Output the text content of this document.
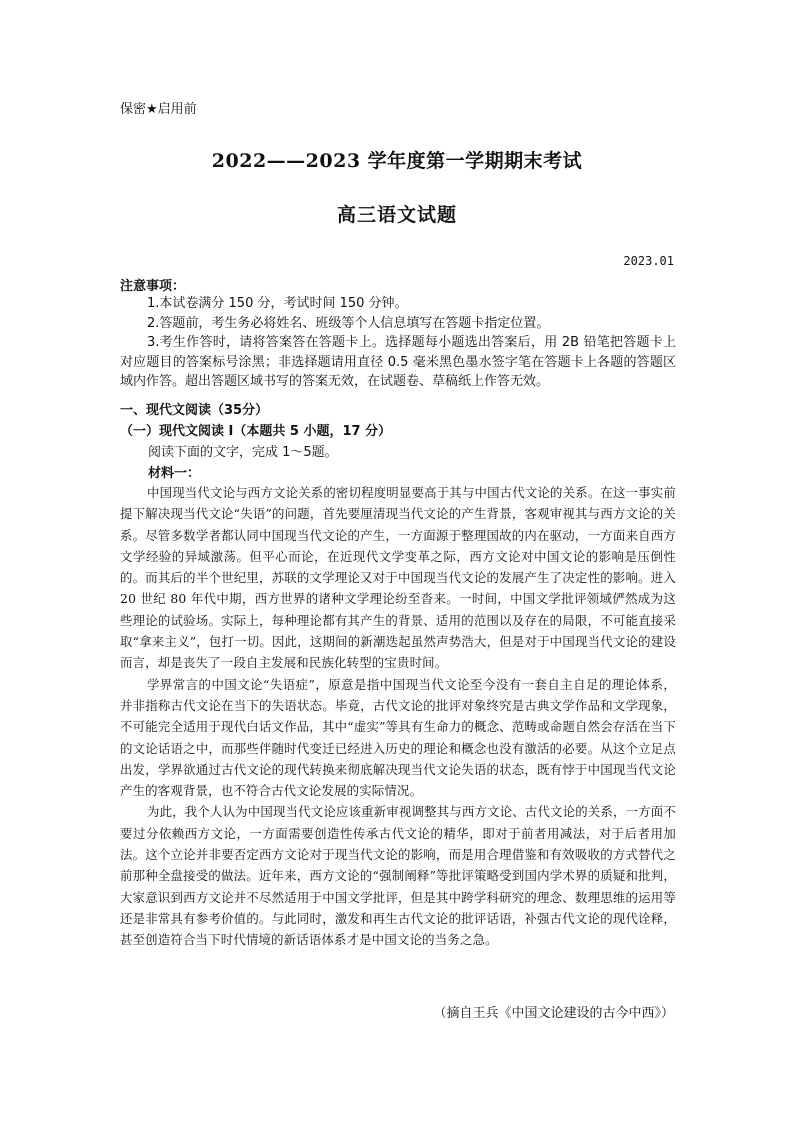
保密★启用前
2022——2023 学年度第一学期期末考试
高三语文试题
2023.01
注意事项：

1.本试卷满分 150 分，考试时间 150 分钟。

2.答题前，考生务必将姓名、班级等个人信息填写在答题卡指定位置。

3.考生作答时，请将答案答在答题卡上。选择题每小题选出答案后，用 2B 铅笔把答题卡上对应题目的答案标号涂黑；非选择题请用直径 0.5 毫米黑色墨水签字笔在答题卡上各题的答题区域内作答。超出答题区域书写的答案无效，在试题卷、草稿纸上作答无效。

一、现代文阅读（35分）
（一）现代文阅读 I（本题共 5 小题，17 分）
阅读下面的文字，完成 1～5题。
材料一：

中国现当代文论与西方文论关系的密切程度明显要高于其与中国古代文论的关系。在这一事实前提下解决现当代文论“失语”的问题，首先要厘清现当代文论的产生背景，客观审视其与西方文论的关系。尽管多数学者都认同中国现当代文论的产生，一方面源于整理国故的内在驱动，一方面来自西方文学经验的异域激荡。但平心而论，在近现代文学变革之际，西方文论对中国文论的影响是压倒性的。而其后的半个世纪里，苏联的文学理论又对于中国现当代文论的发展产生了决定性的影响。进入 20 世纪 80 年代中期，西方世界的诸种文学理论纷至沓来。一时间，中国文学批评领域俨然成为这些理论的试验场。实际上，每种理论都有其产生的背景、适用的范围以及存在的局限，不可能直接采取“拿来主义”，包打一切。因此，这期间的新潮迭起虽然声势浩大，但是对于中国现当代文论的建设而言，却是丧失了一段自主发展和民族化转型的宝贵时间。

学界常言的中国文论“失语症”，原意是指中国现当代文论至今没有一套自主自足的理论体系，并非指称古代文论在当下的失语状态。毕竟，古代文论的批评对象终究是古典文学作品和文学现象，不可能完全适用于现代白话文作品，其中“虚实”等具有生命力的概念、范畴或命题自然会存活在当下的文论话语之中，而那些伴随时代变迁已经进入历史的理论和概念也没有激活的必要。从这个立足点出发，学界欲通过古代文论的现代转换来彻底解决现当代文论失语的状态，既有悖于中国现当代文论产生的客观背景，也不符合古代文论发展的实际情况。

为此，我个人认为中国现当代文论应该重新审视调整其与西方文论、古代文论的关系，一方面不要过分依赖西方文论，一方面需要创造性传承古代文论的精华，即对于前者用减法，对于后者用加法。这个立论并非要否定西方文论对于现当代文论的影响，而是用合理借鉴和有效吸收的方式替代之前那种全盘接受的做法。近年来，西方文论的“强制阐释”等批评策略受到国内学术界的质疑和批判，大家意识到西方文论并不尽然适用于中国文学批评，但是其中跨学科研究的理念、数理思维的运用等还是非常具有参考价值的。与此同时，激发和再生古代文论的批评话语，补强古代文论的现代诠释，甚至创造符合当下时代情境的新话语体系才是中国文论的当务之急。

（摘自王兵《中国文论建设的古今中西》）
